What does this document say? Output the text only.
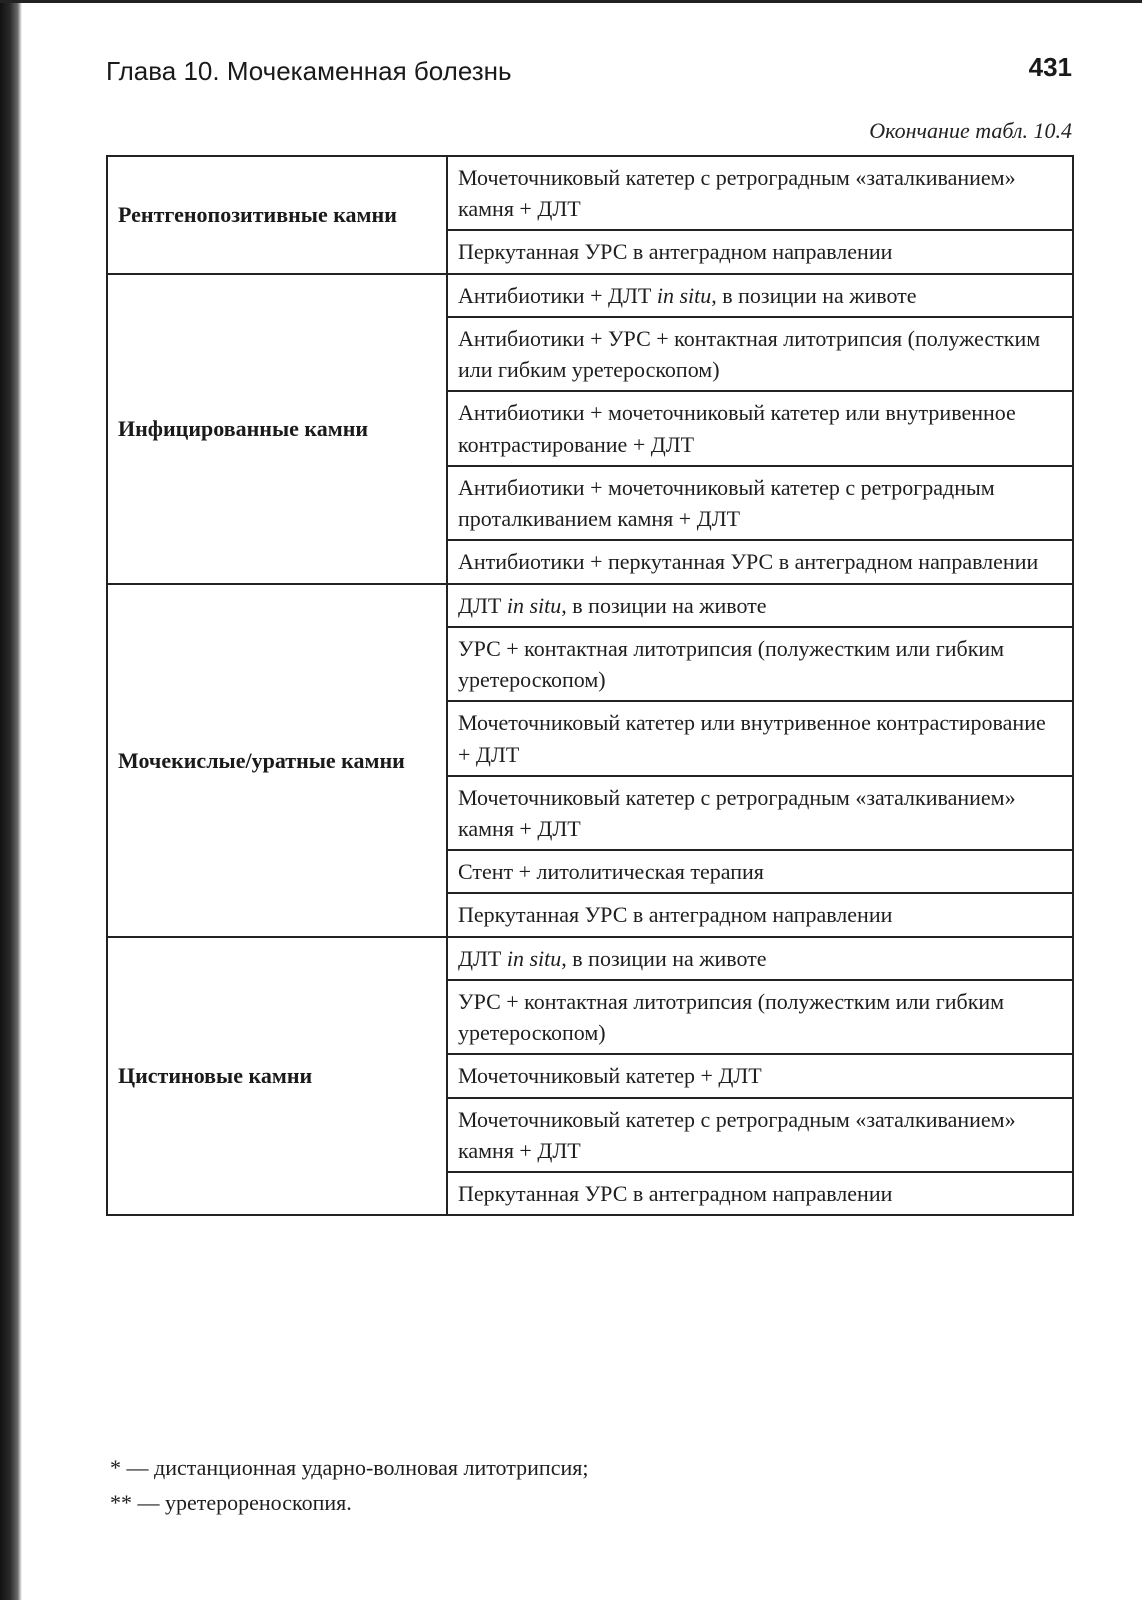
Глава 10. Мочекаменная болезнь	431
Окончание табл. 10.4
Рентгенопозитивные камни	Мочеточниковый катетер с ретроградным «заталкиванием» камня + ДЛТ
	Перкутанная УРС в антеградном направлении
Инфицированные камни	Антибиотики + ДЛТ in situ, в позиции на животе
	Антибиотики + УРС + контактная литотрипсия (полужестким или гибким уретероскопом)
	Антибиотики + мочеточниковый катетер или внутривенное контрастирование + ДЛТ
	Антибиотики + мочеточниковый катетер с ретроградным проталкиванием камня + ДЛТ
	Антибиотики + перкутанная УРС в антеградном направлении
Мочекислые/уратные камни	ДЛТ in situ, в позиции на животе
	УРС + контактная литотрипсия (полужестким или гибким уретероскопом)
	Мочеточниковый катетер или внутривенное контрастирование + ДЛТ
	Мочеточниковый катетер с ретроградным «заталкиванием» камня + ДЛТ
	Стент + литолитическая терапия
	Перкутанная УРС в антеградном направлении
Цистиновые камни	ДЛТ in situ, в позиции на животе
	УРС + контактная литотрипсия (полужестким или гибким уретероскопом)
	Мочеточниковый катетер + ДЛТ
	Мочеточниковый катетер с ретроградным «заталкиванием» камня + ДЛТ
	Перкутанная УРС в антеградном направлении
* — дистанционная ударно-волновая литотрипсия;
** — уретерореноскопия.
